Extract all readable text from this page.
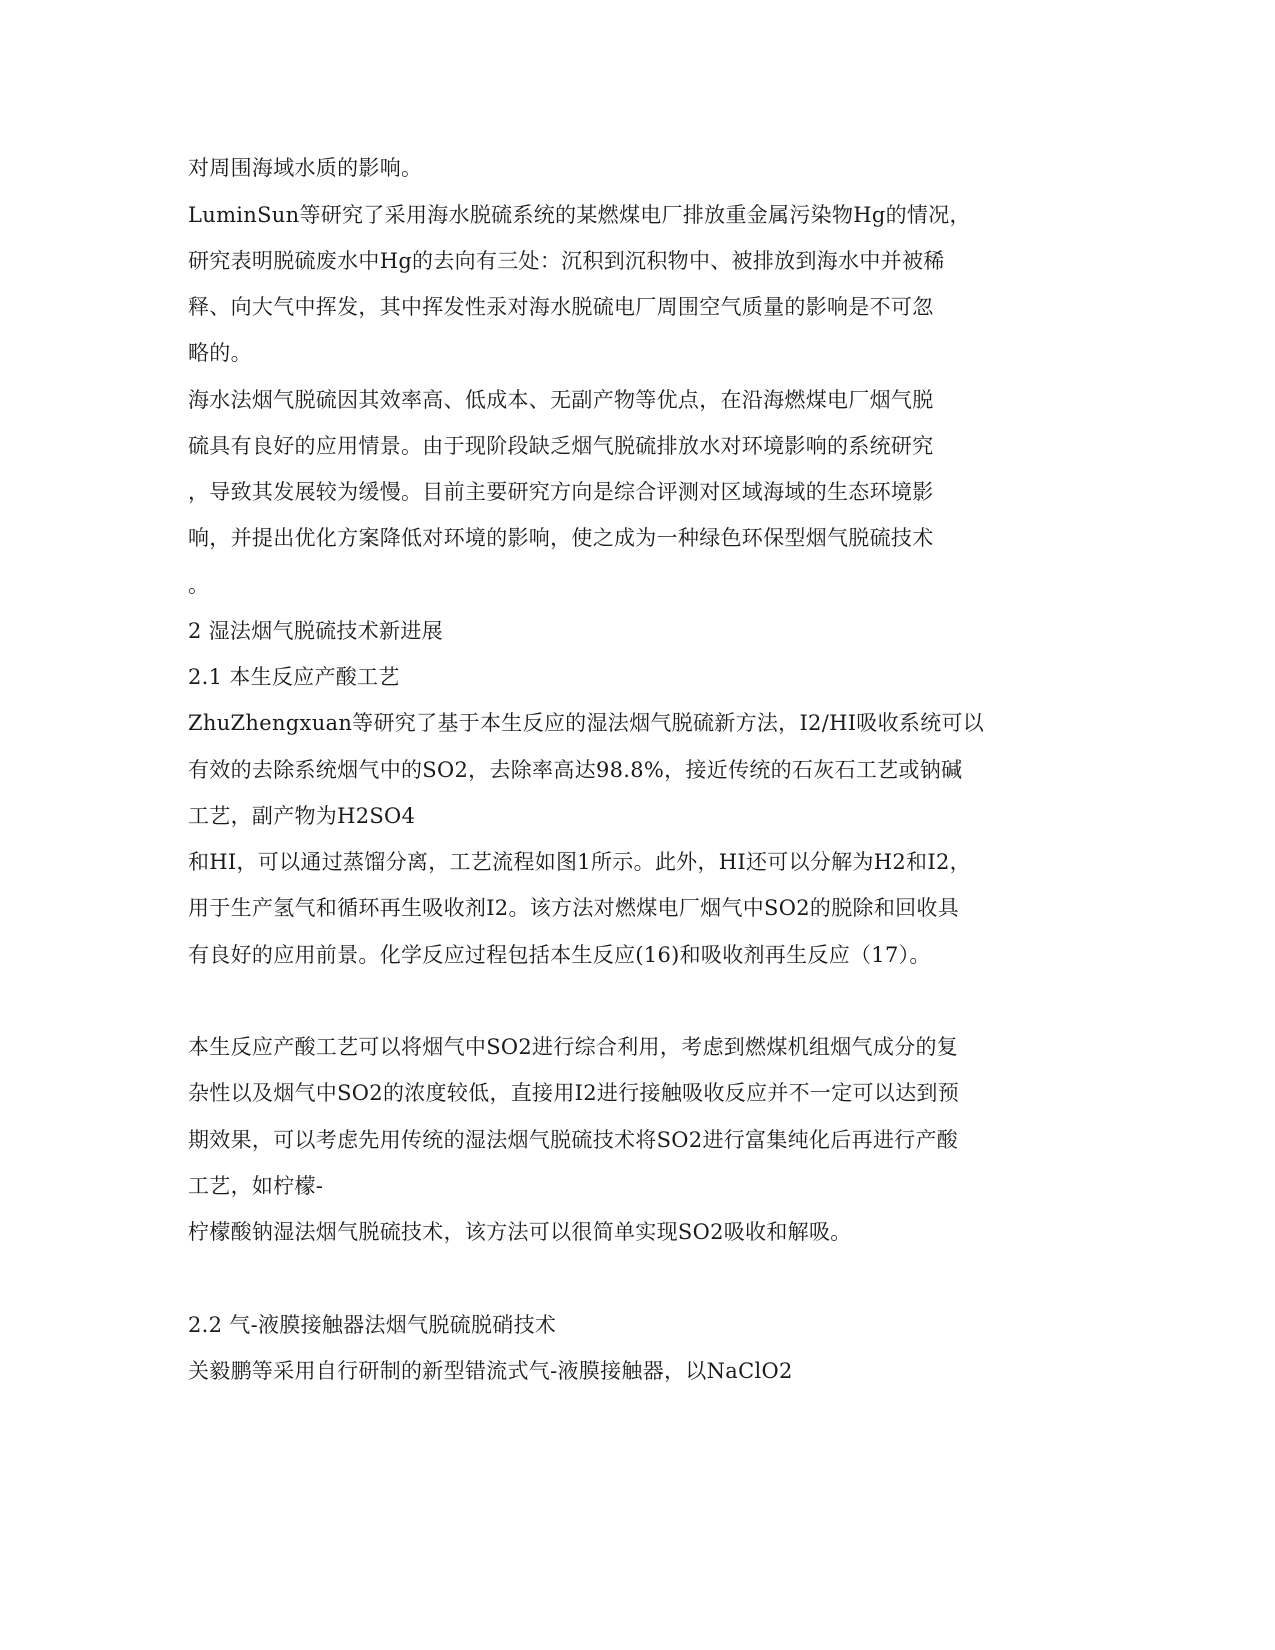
对周围海域水质的影响。
LuminSun等研究了采用海水脱硫系统的某燃煤电厂排放重金属污染物Hg的情况，
研究表明脱硫废水中Hg的去向有三处：沉积到沉积物中、被排放到海水中并被稀
释、向大气中挥发，其中挥发性汞对海水脱硫电厂周围空气质量的影响是不可忽
略的。
海水法烟气脱硫因其效率高、低成本、无副产物等优点，在沿海燃煤电厂烟气脱
硫具有良好的应用情景。由于现阶段缺乏烟气脱硫排放水对环境影响的系统研究
，导致其发展较为缓慢。目前主要研究方向是综合评测对区域海域的生态环境影
响，并提出优化方案降低对环境的影响，使之成为一种绿色环保型烟气脱硫技术
。
2 湿法烟气脱硫技术新进展
2.1 本生反应产酸工艺
ZhuZhengxuan等研究了基于本生反应的湿法烟气脱硫新方法，I2/HI吸收系统可以
有效的去除系统烟气中的SO2，去除率高达98.8%，接近传统的石灰石工艺或钠碱
工艺，副产物为H2SO4
和HI，可以通过蒸馏分离，工艺流程如图1所示。此外，HI还可以分解为H2和I2，
用于生产氢气和循环再生吸收剂I2。该方法对燃煤电厂烟气中SO2的脱除和回收具
有良好的应用前景。化学反应过程包括本生反应(16)和吸收剂再生反应（17）。
本生反应产酸工艺可以将烟气中SO2进行综合利用，考虑到燃煤机组烟气成分的复
杂性以及烟气中SO2的浓度较低，直接用I2进行接触吸收反应并不一定可以达到预
期效果，可以考虑先用传统的湿法烟气脱硫技术将SO2进行富集纯化后再进行产酸
工艺，如柠檬-
柠檬酸钠湿法烟气脱硫技术，该方法可以很简单实现SO2吸收和解吸。
2.2 气-液膜接触器法烟气脱硫脱硝技术
关毅鹏等采用自行研制的新型错流式气-液膜接触器，以NaClO2
